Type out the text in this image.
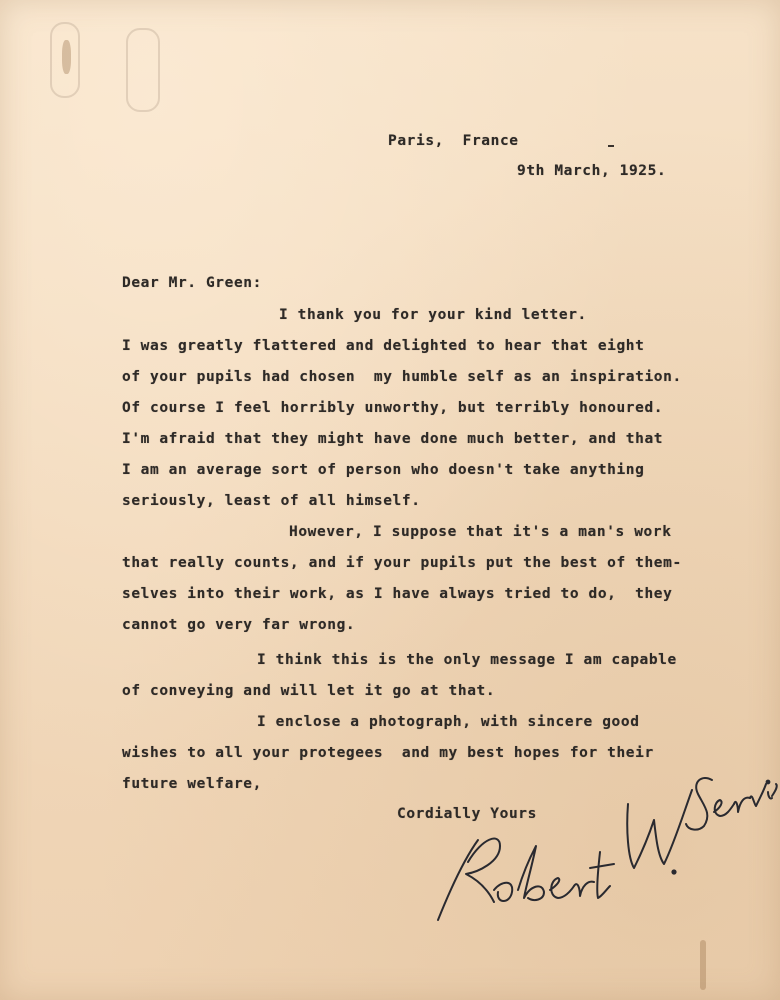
Paris,  France
9th March, 1925.
Dear Mr. Green:
I thank you for your kind letter.
I was greatly flattered and delighted to hear that eight
of your pupils had chosen  my humble self as an inspiration.
Of course I feel horribly unworthy, but terribly honoured.
I'm afraid that they might have done much better, and that
I am an average sort of person who doesn't take anything
seriously, least of all himself.
However, I suppose that it's a man's work
that really counts, and if your pupils put the best of them-
selves into their work, as I have always tried to do,  they
cannot go very far wrong.
I think this is the only message I am capable
of conveying and will let it go at that.
I enclose a photograph, with sincere good
wishes to all your protegees  and my best hopes for their
future welfare,
Cordially Yours
